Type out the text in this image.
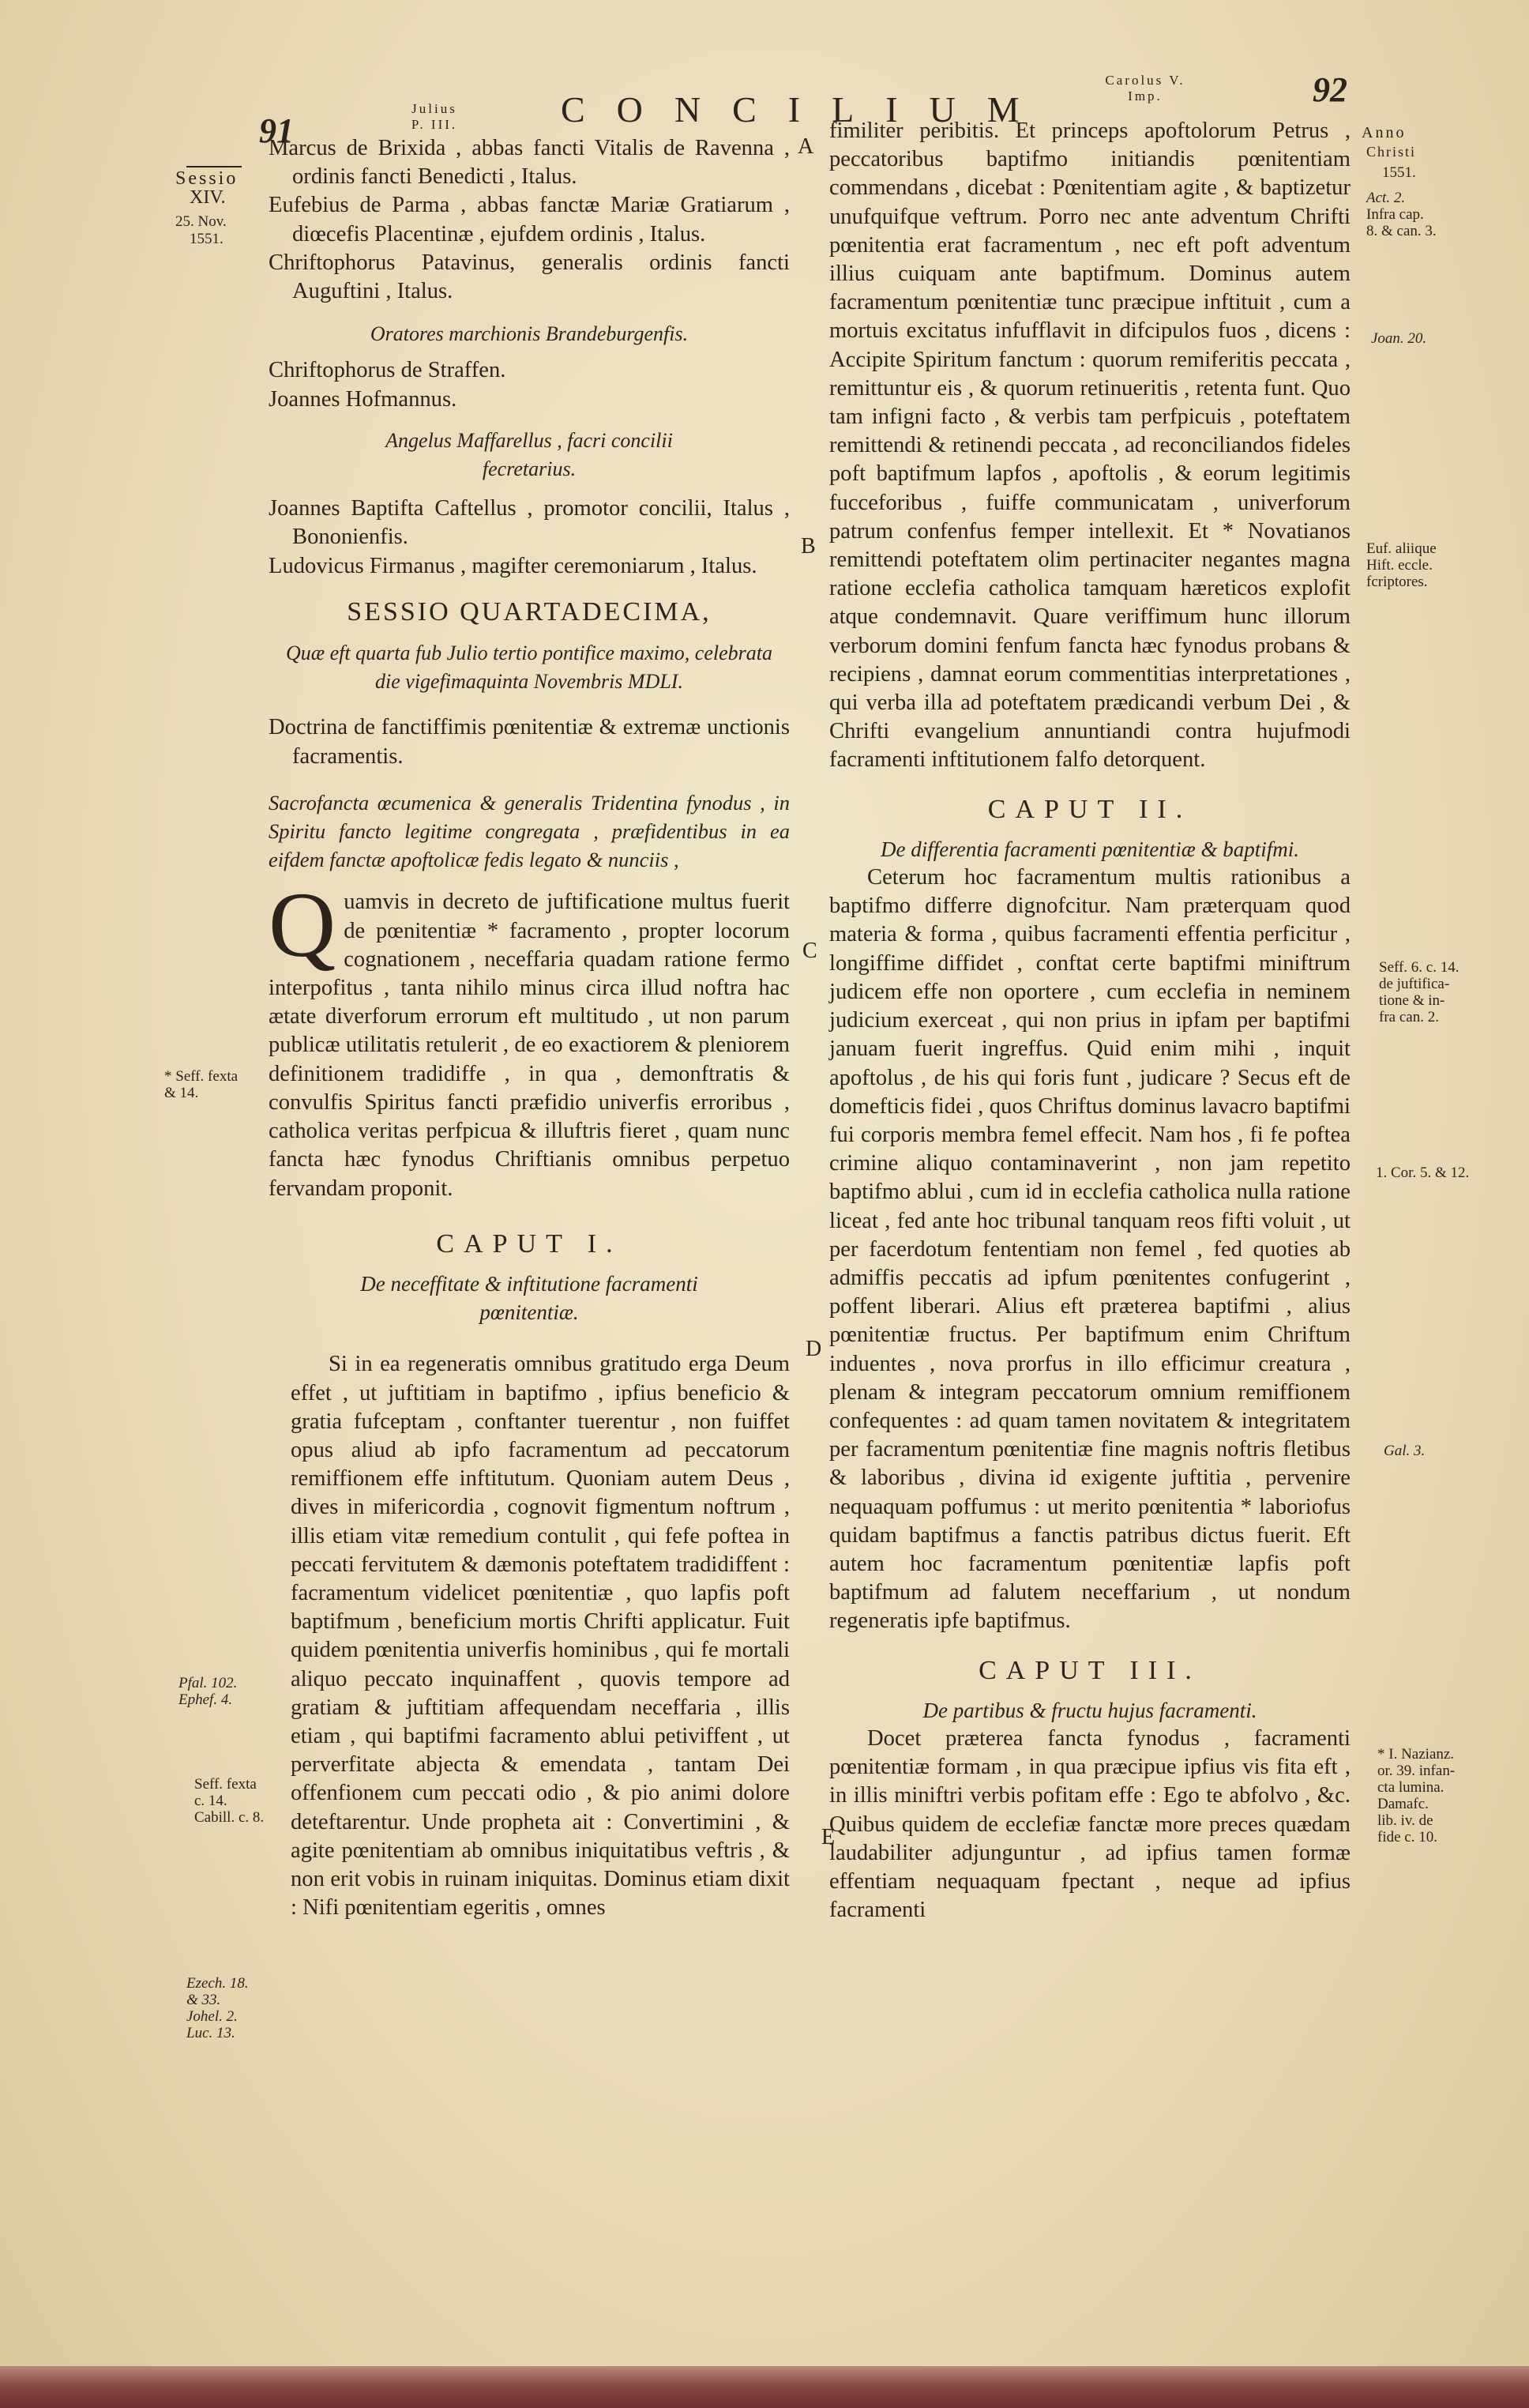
91
Julius
P. III.	CONCILIUM
Carolus V.
Imp.	92
Sessio
XIV.
25. Nov.
1551.
* Seff. fexta
& 14.
Pfal. 102.
Ephef. 4.
Seff. fexta
c. 14.
Cabill. c. 8.
Ezech. 18.
& 33.
Johel. 2.
Luc. 13.
A
B
C
D
E

Marcus de Brixida , abbas fancti Vitalis de Ravenna , ordinis fancti Benedicti , Italus.

Eufebius de Parma , abbas fanctæ Mariæ Gratiarum , diœcefis Placentinæ , ejufdem ordinis , Italus.

Chriftophorus Patavinus, generalis ordinis fancti Auguftini , Italus.

Oratores marchionis Brandeburgenfis.

Chriftophorus de Straffen.

Joannes Hofmannus.

Angelus Maffarellus , facri concilii

fecretarius.

Joannes Baptifta Caftellus , promotor concilii, Italus , Bononienfis.

Ludovicus Firmanus , magifter ceremoniarum , Italus.

SESSIO QUARTADECIMA,

Quæ eft quarta fub Julio tertio pontifice maximo, celebrata die vigefimaquinta Novembris MDLI.

Doctrina de fanctiffimis pœnitentiæ & extremæ unctionis facramentis.

Sacrofancta œcumenica & generalis Tridentina fynodus , in Spiritu fancto legitime congregata , præfidentibus in ea eifdem fanctæ apoftolicæ fedis legato & nunciis ,

Q uamvis in decreto de juftificatione multus fuerit de pœnitentiæ * facramento , propter locorum cognationem , neceffaria quadam ratione fermo interpofitus , tanta nihilo minus circa illud noftra hac ætate diverforum errorum eft multitudo , ut non parum publicæ utilitatis retulerit , de eo exactiorem & pleniorem definitionem tradidiffe , in qua , demonftratis & convulfis Spiritus fancti præfidio univerfis erroribus , catholica veritas perfpicua & illuftris fieret , quam nunc fancta hæc fynodus Chriftianis omnibus perpetuo fervandam proponit.
CAPUT I.

De neceffitate & inftitutione facramenti pœnitentiæ.

Si in ea regeneratis omnibus gratitudo erga Deum effet , ut juftitiam in baptifmo , ipfius beneficio & gratia fufceptam , conftanter tuerentur , non fuiffet opus aliud ab ipfo facramentum ad peccatorum remiffionem effe inftitutum. Quoniam autem Deus , dives in mifericordia , cognovit figmentum noftrum , illis etiam vitæ remedium contulit , qui fefe poftea in peccati fervitutem & dæmonis poteftatem tradidiffent : facramentum videlicet pœnitentiæ , quo lapfis poft baptifmum , beneficium mortis Chrifti applicatur. Fuit quidem pœnitentia univerfis hominibus , qui fe mortali aliquo peccato inquinaffent , quovis tempore ad gratiam & juftitiam affequendam neceffaria , illis etiam , qui baptifmi facramento ablui petiviffent , ut perverfitate abjecta & emendata , tantam Dei offenfionem cum peccati odio , & pio animi dolore deteftarentur. Unde propheta ait : Convertimini , & agite pœnitentiam ab omnibus iniquitatibus veftris , & non erit vobis in ruinam iniquitas. Dominus etiam dixit : Nifi pœnitentiam egeritis , omnes

fimiliter peribitis. Et princeps apoftolorum Petrus , peccatoribus baptifmo initiandis pœnitentiam commendans , dicebat : Pœnitentiam agite , & baptizetur unufquifque veftrum. Porro nec ante adventum Chrifti pœnitentia erat facramentum , nec eft poft adventum illius cuiquam ante baptifmum. Dominus autem facramentum pœnitentiæ tunc præcipue inftituit , cum a mortuis excitatus infufflavit in difcipulos fuos , dicens : Accipite Spiritum fanctum : quorum remiferitis peccata , remittuntur eis , & quorum retinueritis , retenta funt. Quo tam infigni facto , & verbis tam perfpicuis , poteftatem remittendi & retinendi peccata , ad reconciliandos fideles poft baptifmum lapfos , apoftolis , & eorum legitimis fucceforibus , fuiffe communicatam , univerforum patrum confenfus femper intellexit. Et * Novatianos remittendi poteftatem olim pertinaciter negantes magna ratione ecclefia catholica tamquam hæreticos explofit atque condemnavit. Quare veriffimum hunc illorum verborum domini fenfum fancta hæc fynodus probans & recipiens , damnat eorum commentitias interpretationes , qui verba illa ad poteftatem prædicandi verbum Dei , & Chrifti evangelium annuntiandi contra hujufmodi facramenti inftitutionem falfo detorquent.

CAPUT II.

De differentia facramenti pœnitentiæ & baptifmi.

Ceterum hoc facramentum multis rationibus a baptifmo differre dignofcitur. Nam præterquam quod materia & forma , quibus facramenti effentia perficitur , longiffime diffidet , conftat certe baptifmi miniftrum judicem effe non oportere , cum ecclefia in neminem judicium exerceat , qui non prius in ipfam per baptifmi januam fuerit ingreffus. Quid enim mihi , inquit apoftolus , de his qui foris funt , judicare ? Secus eft de domefticis fidei , quos Chriftus dominus lavacro baptifmi fui corporis membra femel effecit. Nam hos , fi fe poftea crimine aliquo contaminaverint , non jam repetito baptifmo ablui , cum id in ecclefia catholica nulla ratione liceat , fed ante hoc tribunal tanquam reos fifti voluit , ut per facerdotum fententiam non femel , fed quoties ab admiffis peccatis ad ipfum pœnitentes confugerint , poffent liberari. Alius eft præterea baptifmi , alius pœnitentiæ fructus. Per baptifmum enim Chriftum induentes , nova prorfus in illo efficimur creatura , plenam & integram peccatorum omnium remiffionem confequentes : ad quam tamen novitatem & integritatem per facramentum pœnitentiæ fine magnis noftris fletibus & laboribus , divina id exigente juftitia , pervenire nequaquam poffumus : ut merito pœnitentia * laboriofus quidam baptifmus a fanctis patribus dictus fuerit. Eft autem hoc facramentum pœnitentiæ lapfis poft baptifmum ad falutem neceffarium , ut nondum regeneratis ipfe baptifmus.

CAPUT III.

De partibus & fructu hujus facramenti.

Docet præterea fancta fynodus , facramenti pœnitentiæ formam , in qua præcipue ipfius vis fita eft , in illis miniftri verbis pofitam effe : Ego te abfolvo , &c. Quibus quidem de ecclefiæ fanctæ more preces quædam laudabiliter adjunguntur , ad ipfius tamen formæ effentiam nequaquam fpectant , neque ad ipfius facramenti

Anno
Christi
1551.
Act. 2.
Infra cap.
8. & can. 3.
Joan. 20.
Euf. aliique
Hift. eccle.
fcriptores.
Seff. 6. c. 14.
de juftifica-
tione & in-
fra can. 2.
1. Cor. 5. & 12.
Gal. 3.
* I. Nazianz.
or. 39. infan-
cta lumina.
Damafc.
lib. iv. de
fide c. 10.
